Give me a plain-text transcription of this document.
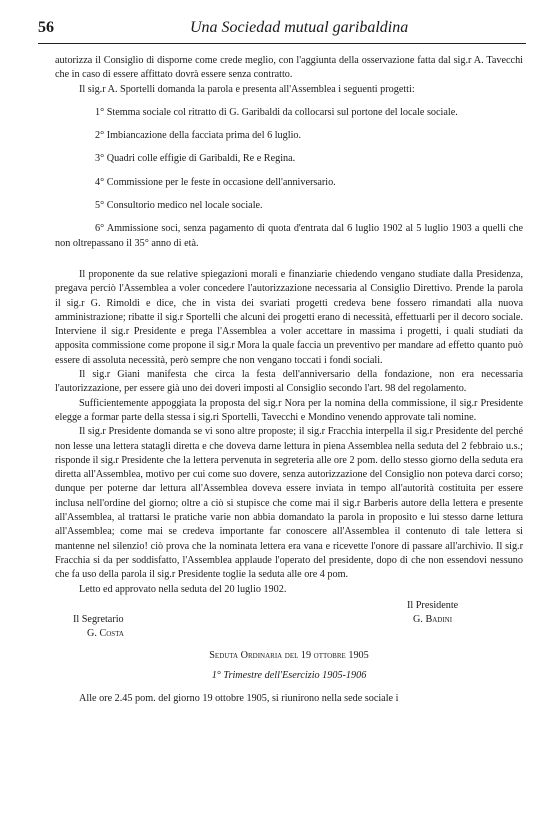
56	Una Sociedad mutual garibaldina

autorizza il Consiglio di disporne come crede meglio, con l'aggiunta della osservazione fatta dal sig.r A. Tavecchi che in caso di essere affittato dovrà essere senza contratto.

Il sig.r A. Sportelli domanda la parola e presenta all'Assemblea i seguenti progetti:

1° Stemma sociale col ritratto di G. Garibaldi da collocarsi sul portone del locale sociale.

2° Imbiancazione della facciata prima del 6 luglio.

3° Quadri colle effigie di Garibaldi, Re e Regina.

4° Commissione per le feste in occasione dell'anniversario.

5° Consultorio medico nel locale sociale.

6° Ammissione soci, senza pagamento di quota d'entrata dal 6 luglio 1902 al 5 luglio 1903 a quelli che non oltrepassano il 35° anno di età.

Il proponente da sue relative spiegazioni morali e finanziarie chiedendo vengano studiate dalla Presidenza, pregava perciò l'Assemblea a voler concedere l'autorizzazione necessaria al Consiglio Direttivo. Prende la parola il sig.r G. Rimoldi e dice, che in vista dei svariati progetti credeva bene fossero rimandati alla nuova amministrazione; ribatte il sig.r Sportelli che alcuni dei progetti erano di necessità, effettuarli per il decoro sociale. Interviene il sig.r Presidente e prega l'Assemblea a voler accettare in massima i progetti, i quali studiati da apposita commissione come propone il sig.r Mora la quale faccia un preventivo per mandare ad effetto quanto può essere di assoluta necessità, però sempre che non vengano toccati i fondi sociali.

Il sig.r Giani manifesta che circa la festa dell'anniversario della fondazione, non era necessaria l'autorizzazione, per essere già uno dei doveri imposti al Consiglio secondo l'art. 98 del regolamento.

Sufficientemente appoggiata la proposta del sig.r Nora per la nomina della commissione, il sig.r Presidente elegge a formar parte della stessa i sig.ri Sportelli, Tavecchi e Mondino venendo approvate tali nomine.

Il sig.r Presidente domanda se vi sono altre proposte; il sig.r Fracchia interpella il sig.r Presidente del perché non lesse una lettera statagli diretta e che doveva darne lettura in piena Assemblea nella seduta del 2 febbraio u.s.; risponde il sig.r Presidente che la lettera pervenuta in segreteria alle ore 2 pom. dello stesso giorno della seduta era diretta all'Assemblea, motivo per cui come suo dovere, senza autorizzazione del Consiglio non poteva darci corso; dunque per poterne dar lettura all'Assemblea doveva essere inviata in tempo all'autorità costituita per essere inclusa nell'ordine del giorno; oltre a ciò si stupisce che come mai il sig.r Barberis autore della lettera e presente all'Assemblea, al trattarsi le pratiche varie non abbia domandato la parola in proposito e lui stesso darne lettura all'Assemblea; come mai se credeva importante far conoscere all'Assemblea il contenuto di tale lettera si mantenne nel silenzio! ciò prova che la nominata lettera era vana e ricevette l'onore di passare all'archivio. Il sig.r Fracchia si da per soddisfatto, l'Assemblea applaude l'operato del presidente, dopo di che non essendovi nessuno che fa uso della parola il sig.r Presidente toglie la seduta alle ore 4 pom.

Letto ed approvato nella seduta del 20 luglio 1902.

Il Presidente
Il Segretario	G. Badini
G. Costa

Seduta Ordinaria del 19 ottobre 1905

1° Trimestre dell'Esercizio 1905-1906

Alle ore 2.45 pom. del giorno 19 ottobre 1905, si riunirono nella sede sociale i
